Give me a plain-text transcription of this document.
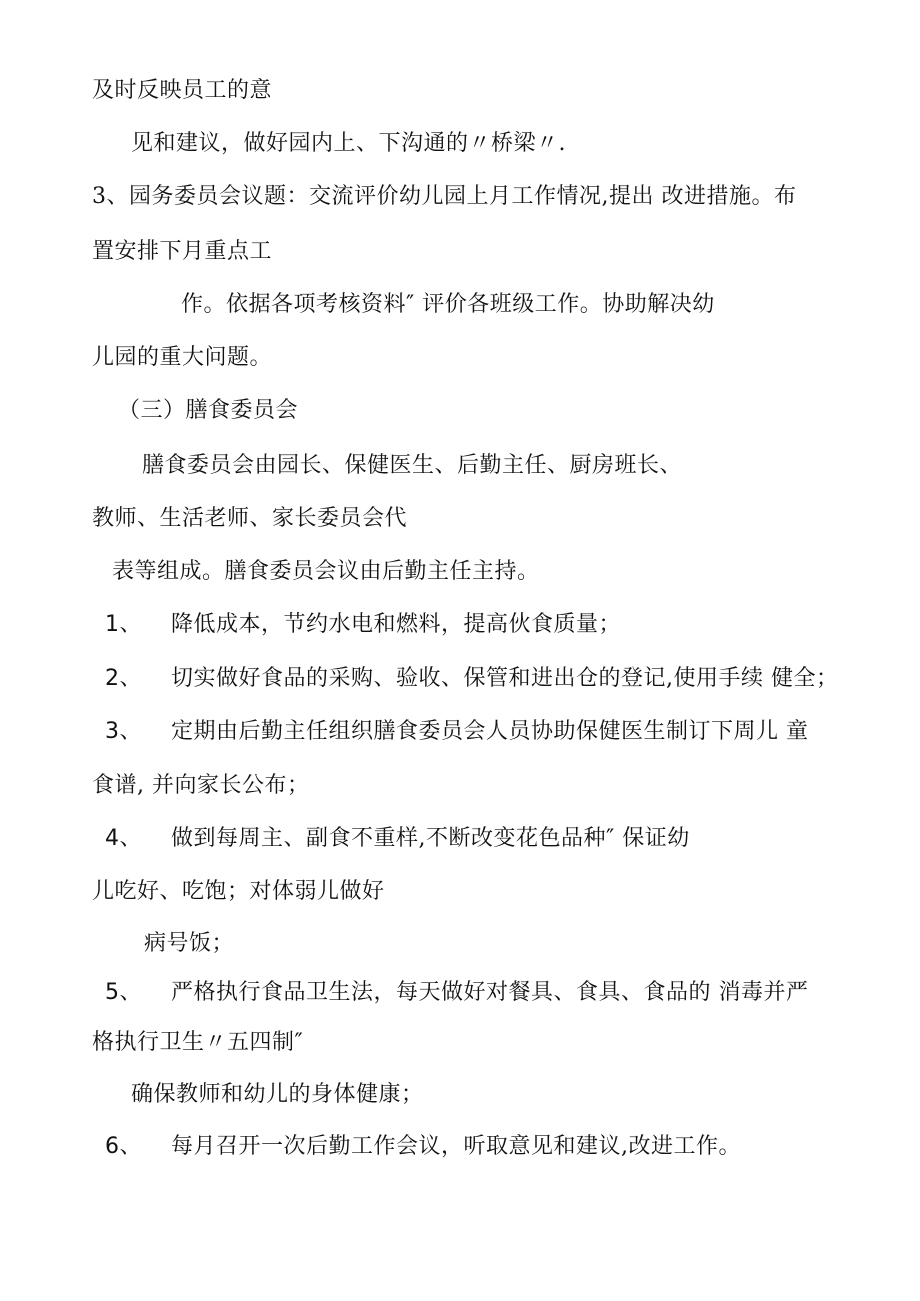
及时反映员工的意
见和建议，做好园内上、下沟通的〃桥梁〃.
3、园务委员会议题：交流评价幼儿园上月工作情况,提出 改进措施。布
置安排下月重点工
作。依据各项考核资料″ 评价各班级工作。协助解决幼
儿园的重大问题。
（三）膳食委员会
膳食委员会由园长、保健医生、后勤主任、厨房班长、
教师、生活老师、家长委员会代
表等组成。膳食委员会议由后勤主任主持。
1、 降低成本，节约水电和燃料，提高伙食质量；
2、 切实做好食品的采购、验收、保管和进出仓的登记,使用手续 健全；
3、 定期由后勤主任组织膳食委员会人员协助保健医生制订下周儿 童
食谱, 并向家长公布；
4、 做到每周主、副食不重样,不断改变花色品种″ 保证幼
儿吃好、吃饱；对体弱儿做好
病号饭；
5、 严格执行食品卫生法，每天做好对餐具、食具、食品的 消毒并严
格执行卫生〃五四制″
确保教师和幼儿的身体健康；
6、 每月召开一次后勤工作会议，听取意见和建议,改进工作。
